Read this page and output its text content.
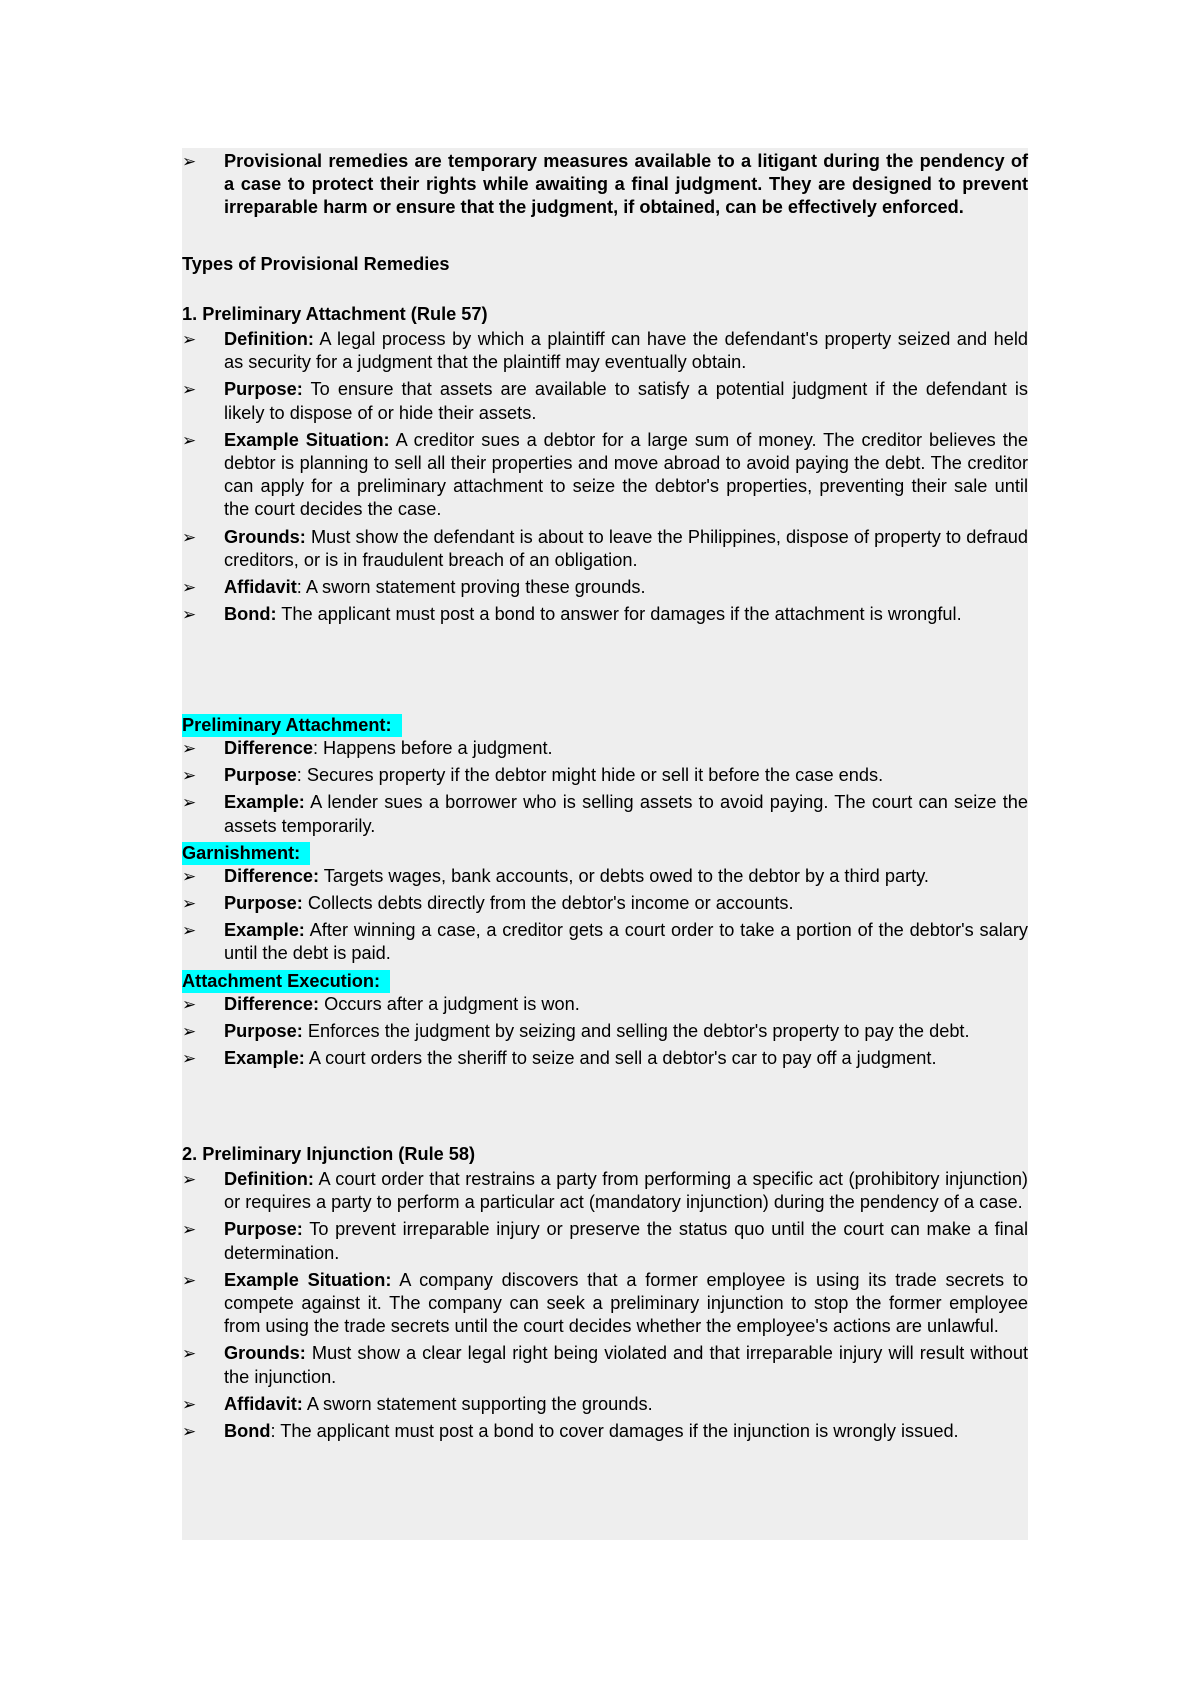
➢ Provisional remedies are temporary measures available to a litigant during the pendency of a case to protect their rights while awaiting a final judgment. They are designed to prevent irreparable harm or ensure that the judgment, if obtained, can be effectively enforced.
Types of Provisional Remedies
1. Preliminary Attachment (Rule 57)
➢ Definition: A legal process by which a plaintiff can have the defendant's property seized and held as security for a judgment that the plaintiff may eventually obtain.
➢ Purpose: To ensure that assets are available to satisfy a potential judgment if the defendant is likely to dispose of or hide their assets.
➢ Example Situation: A creditor sues a debtor for a large sum of money. The creditor believes the debtor is planning to sell all their properties and move abroad to avoid paying the debt. The creditor can apply for a preliminary attachment to seize the debtor's properties, preventing their sale until the court decides the case.
➢ Grounds: Must show the defendant is about to leave the Philippines, dispose of property to defraud creditors, or is in fraudulent breach of an obligation.
➢ Affidavit: A sworn statement proving these grounds.
➢ Bond: The applicant must post a bond to answer for damages if the attachment is wrongful.
Preliminary Attachment:
➢ Difference: Happens before a judgment.
➢ Purpose: Secures property if the debtor might hide or sell it before the case ends.
➢ Example: A lender sues a borrower who is selling assets to avoid paying. The court can seize the assets temporarily.
Garnishment:
➢ Difference: Targets wages, bank accounts, or debts owed to the debtor by a third party.
➢ Purpose: Collects debts directly from the debtor's income or accounts.
➢ Example: After winning a case, a creditor gets a court order to take a portion of the debtor's salary until the debt is paid.
Attachment Execution:
➢ Difference: Occurs after a judgment is won.
➢ Purpose: Enforces the judgment by seizing and selling the debtor's property to pay the debt.
➢ Example: A court orders the sheriff to seize and sell a debtor's car to pay off a judgment.
2. Preliminary Injunction (Rule 58)
➢ Definition: A court order that restrains a party from performing a specific act (prohibitory injunction) or requires a party to perform a particular act (mandatory injunction) during the pendency of a case.
➢ Purpose: To prevent irreparable injury or preserve the status quo until the court can make a final determination.
➢ Example Situation: A company discovers that a former employee is using its trade secrets to compete against it. The company can seek a preliminary injunction to stop the former employee from using the trade secrets until the court decides whether the employee's actions are unlawful.
➢ Grounds: Must show a clear legal right being violated and that irreparable injury will result without the injunction.
➢ Affidavit: A sworn statement supporting the grounds.
➢ Bond: The applicant must post a bond to cover damages if the injunction is wrongly issued.
